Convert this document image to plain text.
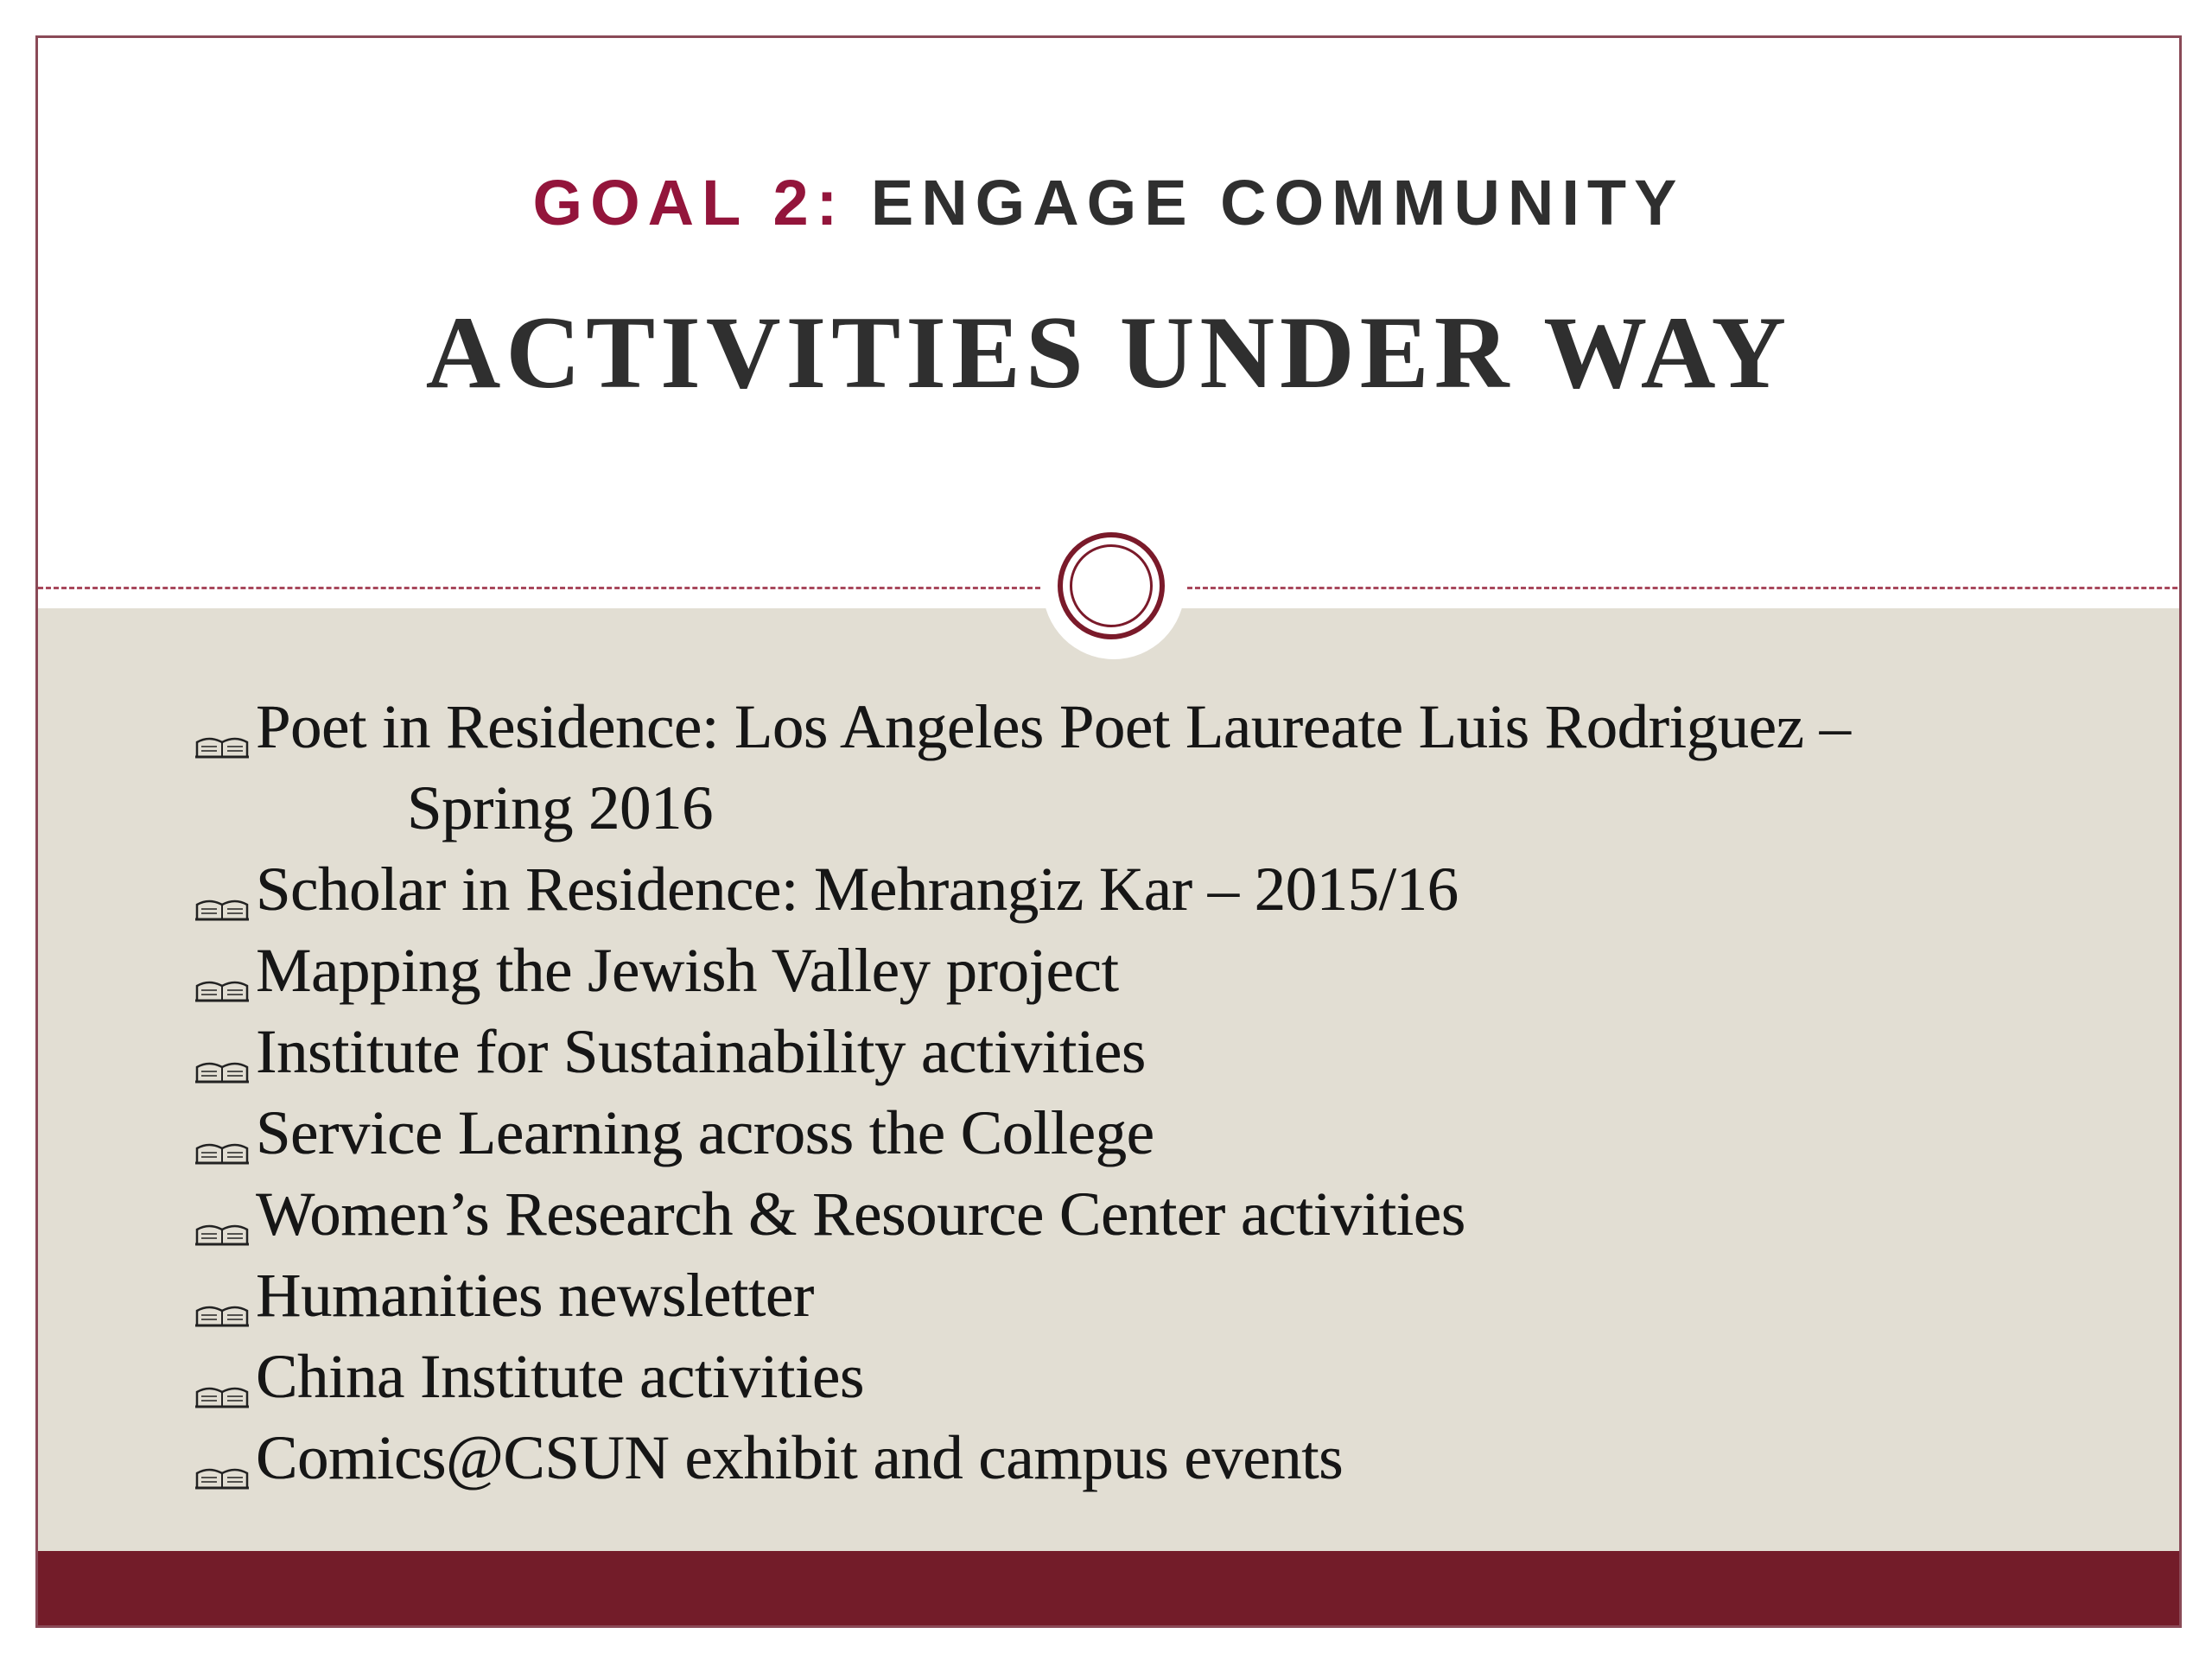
GOAL 2: ENGAGE COMMUNITY
ACTIVITIES UNDER WAY
Poet in Residence: Los Angeles Poet Laureate Luis Rodriguez –
Spring 2016
Scholar in Residence: Mehrangiz Kar – 2015/16
Mapping the Jewish Valley project
Institute for Sustainability activities
Service Learning across the College
Women’s Research & Resource Center activities
Humanities newsletter
China Institute activities
Comics@CSUN exhibit and campus events
